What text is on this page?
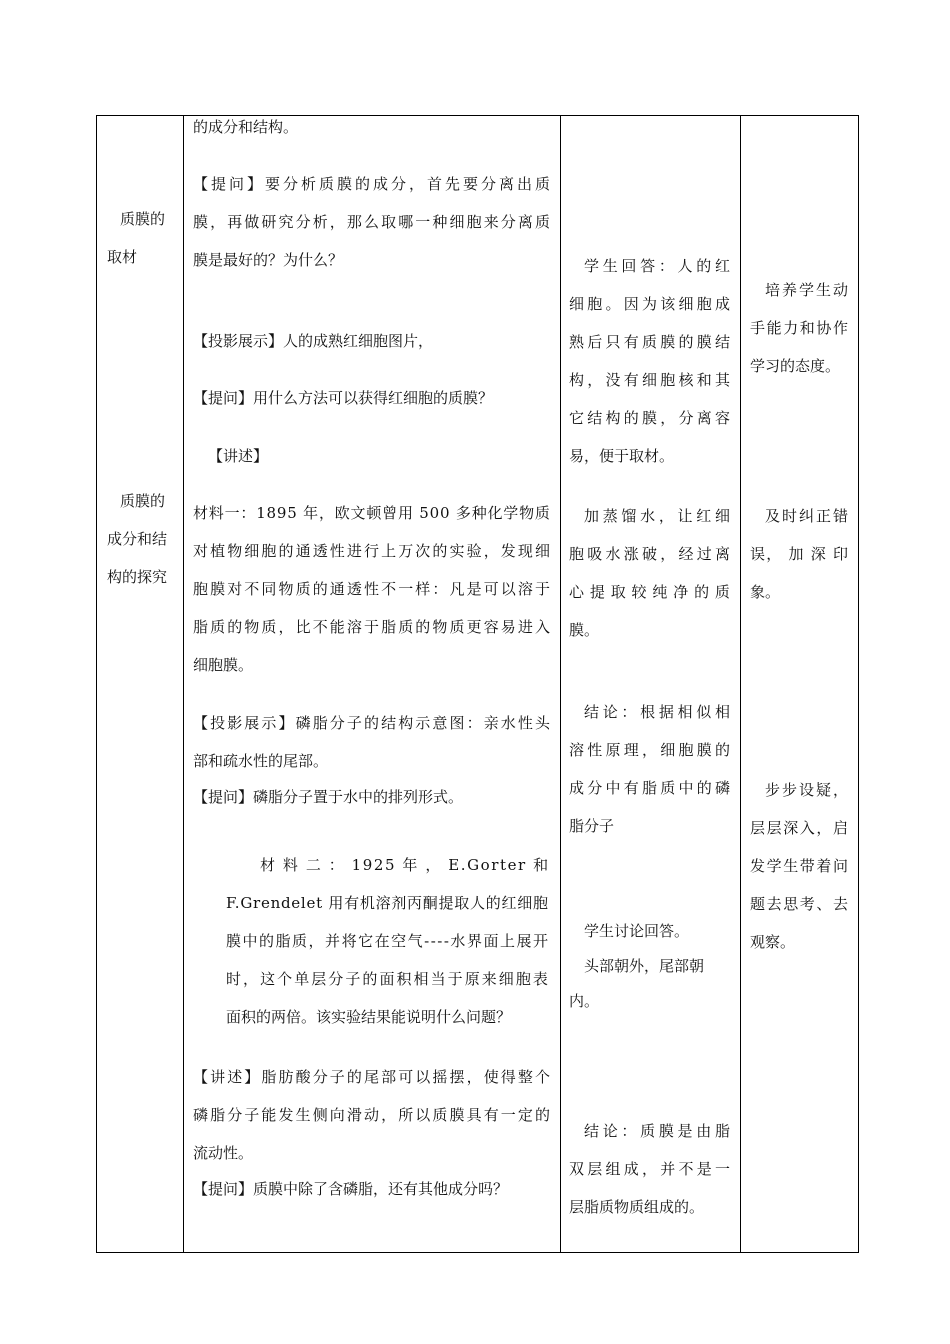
质膜的
取材
质膜的
成分和结
构的探究
的成分和结构。
【提问】要分析质膜的成分，首先要分离出质
膜，再做研究分析，那么取哪一种细胞来分离质
膜是最好的？为什么？
【投影展示】人的成熟红细胞图片，
【提问】用什么方法可以获得红细胞的质膜？
【讲述】
材料一：1895 年，欧文顿曾用 500 多种化学物质
对植物细胞的通透性进行上万次的实验，发现细
胞膜对不同物质的通透性不一样：凡是可以溶于
脂质的物质，比不能溶于脂质的物质更容易进入
细胞膜。
【投影展示】磷脂分子的结构示意图：亲水性头
部和疏水性的尾部。
【提问】磷脂分子置于水中的排列形式。
材 料 二 ： 1925 年 ， E.Gorter 和
F.Grendelet 用有机溶剂丙酮提取人的红细胞
膜中的脂质，并将它在空气----水界面上展开
时，这个单层分子的面积相当于原来细胞表
面积的两倍。该实验结果能说明什么问题？
【讲述】脂肪酸分子的尾部可以摇摆，使得整个
磷脂分子能发生侧向滑动，所以质膜具有一定的
流动性。
【提问】质膜中除了含磷脂，还有其他成分吗？
学生回答：人的红
细胞。因为该细胞成
熟后只有质膜的膜结
构，没有细胞核和其
它结构的膜，分离容
易，便于取材。
加蒸馏水，让红细
胞吸水涨破，经过离
心 提 取 较 纯 净 的 质
膜。
结论：根据相似相
溶性原理，细胞膜的
成分中有脂质中的磷
脂分子
学生讨论回答。
头部朝外，尾部朝
内。
结论：质膜是由脂
双层组成，并不是一
层脂质物质组成的。
培养学生动
手能力和协作
学习的态度。
及时纠正错
误， 加 深 印
象。
步步设疑，
层层深入，启
发学生带着问
题去思考、去
观察。
